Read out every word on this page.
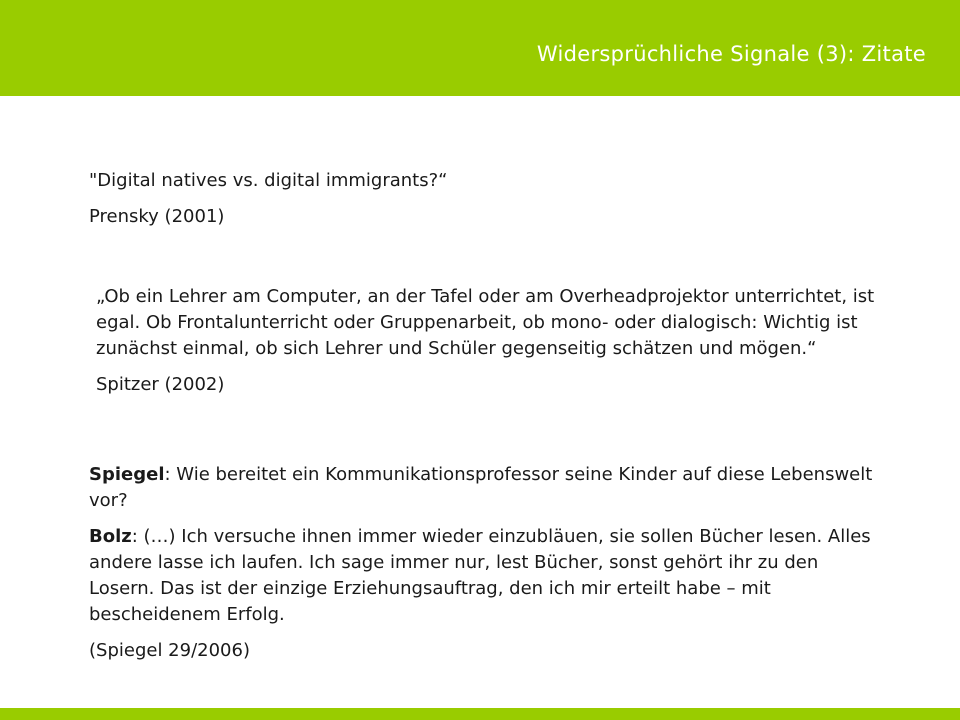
Widersprüchliche Signale (3): Zitate

"Digital natives vs. digital immigrants?“

Prensky (2001)

„Ob ein Lehrer am Computer, an der Tafel oder am Overheadprojektor unterrichtet, ist egal. Ob Frontalunterricht oder Gruppenarbeit, ob mono- oder dialogisch: Wichtig ist zunächst einmal, ob sich Lehrer und Schüler gegenseitig schätzen und mögen.“

Spitzer (2002)

Spiegel: Wie bereitet ein Kommunikationsprofessor seine Kinder auf diese Lebenswelt vor?

Bolz: (…) Ich versuche ihnen immer wieder einzubläuen, sie sollen Bücher lesen. Alles andere lasse ich laufen. Ich sage immer nur, lest Bücher, sonst gehört ihr zu den Losern. Das ist der einzige Erziehungsauftrag, den ich mir erteilt habe – mit bescheidenem Erfolg.

(Spiegel 29/2006)
